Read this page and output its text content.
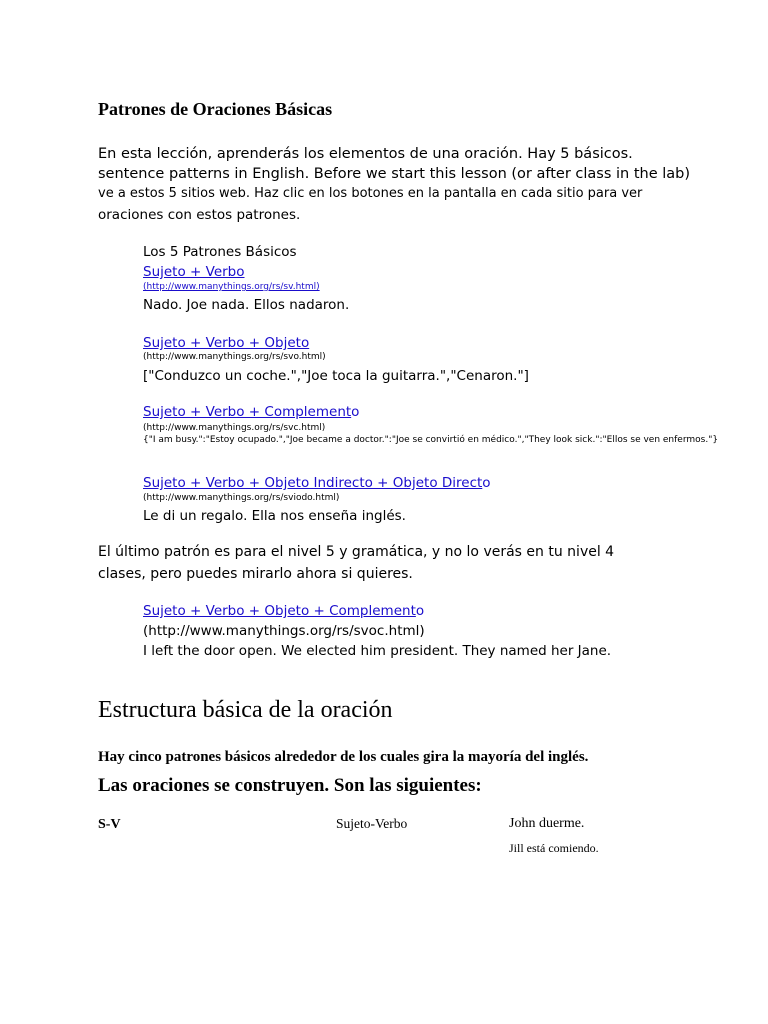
Patrones de Oraciones Básicas
En esta lección, aprenderás los elementos de una oración. Hay 5 básicos.
sentence patterns in English. Before we start this lesson (or after class in the lab)
ve a estos 5 sitios web. Haz clic en los botones en la pantalla en cada sitio para ver
oraciones con estos patrones.
Los 5 Patrones Básicos
Sujeto + Verbo
(http://www.manythings.org/rs/sv.html)
Nado. Joe nada. Ellos nadaron.
Sujeto + Verbo + Objeto
(http://www.manythings.org/rs/svo.html)
["Conduzco un coche.","Joe toca la guitarra.","Cenaron."]
Sujeto + Verbo + Complemento
(http://www.manythings.org/rs/svc.html)
{"I am busy.":"Estoy ocupado.","Joe became a doctor.":"Joe se convirtió en médico.","They look sick.":"Ellos se ven enfermos."}
Sujeto + Verbo + Objeto Indirecto + Objeto Directo
(http://www.manythings.org/rs/sviodo.html)
Le di un regalo. Ella nos enseña inglés.
El último patrón es para el nivel 5 y gramática, y no lo verás en tu nivel 4
clases, pero puedes mirarlo ahora si quieres.
Sujeto + Verbo + Objeto + Complemento
(http://www.manythings.org/rs/svoc.html)
I left the door open. We elected him president. They named her Jane.
Estructura básica de la oración
Hay cinco patrones básicos alrededor de los cuales gira la mayoría del inglés.
Las oraciones se construyen. Son las siguientes:
S-V	Sujeto-Verbo	John duerme.
Jill está comiendo.
